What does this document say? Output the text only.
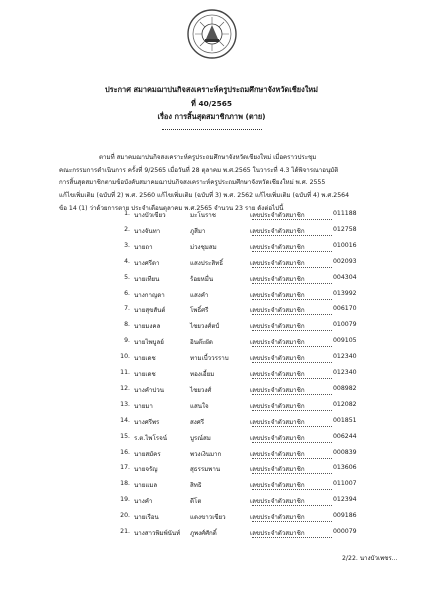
ประกาศ สมาคมฌาปนกิจสงเคราะห์ครูประถมศึกษาจังหวัดเชียงใหม่
ที่ 40/2565
เรื่อง การสิ้นสุดสมาชิกภาพ (ตาย)
ตามที่ สมาคมฌาปนกิจสงเคราะห์ครูประถมศึกษาจังหวัดเชียงใหม่ เมื่อคราวประชุม
คณะกรรมการดำเนินการ ครั้งที่ 9/2565 เมื่อวันที่ 28 ตุลาคม พ.ศ.2565 ในวาระที่ 4.3 ได้พิจารณาอนุมัติ
การสิ้นสุดสมาชิกตามข้อบังคับสมาคมฌาปนกิจสงเคราะห์ครูประถมศึกษาจังหวัดเชียงใหม่ พ.ศ. 2555
แก้ไขเพิ่มเติม (ฉบับที่ 2) พ.ศ. 2560 แก้ไขเพิ่มเติม (ฉบับที่ 3) พ.ศ. 2562 แก้ไขเพิ่มเติม (ฉบับที่ 4) พ.ศ.2564
ข้อ 14 (1) ว่าด้วยการตาย ประจำเดือนตุลาคม พ.ศ.2565 จำนวน 23 ราย ดังต่อไปนี้
1. นางบัวเขียว	มะโนราช	เลขประจำตัวสมาชิก	011188
2. นางจันทา	ภูสีมา	เลขประจำตัวสมาชิก	012758
3. นายถา	ม่วงชุมสม	เลขประจำตัวสมาชิก	010016
4. นางศรีดา	แสงประสิทธิ์	เลขประจำตัวสมาชิก	002093
5. นายเทียน	ร้อยหมื่น	เลขประจำตัวสมาชิก	004304
6. นางกาญดา	แสงคำ	เลขประจำตัวสมาชิก	013992
7. นายสุขสันต์	โพธิ์ศรี	เลขประจำตัวสมาชิก	006170
8. นายมงคล	ไชยวงศ์ตป์	เลขประจำตัวสมาชิก	010079
9. นายไพบูลย์	อินต๊ะผัด	เลขประจำตัวสมาชิก	009105
10. นายเดช	ทามเบี้ววรราบ	เลขประจำตัวสมาชิก	012340
11. นายเดช	ทองเอี้ยม	เลขประจำตัวสมาชิก	012340
12. นางคำปวน	ไชยวงศ์	เลขประจำตัวสมาชิก	008982
13. นายมา	แสนใจ	เลขประจำตัวสมาชิก	012082
14. นางศรีพร	สงศรี	เลขประจำตัวสมาชิก	001851
15. ร.ต.ไพโรจน์	บูรณ์สม	เลขประจำตัวสมาชิก	006244
16. นายสมัคร	พวงเงินมาก	เลขประจำตัวสมาชิก	000839
17. นายจรัญ	สุธรรมพาน	เลขประจำตัวสมาชิก	013606
18. นายแมล	สิทธิ	เลขประจำตัวสมาชิก	011007
19. นางคำ	ดีโต	เลขประจำตัวสมาชิก	012394
20. นายเรือน	แดงขาวเขียว	เลขประจำตัวสมาชิก	009186
21. นางสาวพิมพ์นันท์ ภูพงศ์ศักดิ์	เลขประจำตัวสมาชิก	000079
2/22. นางบัวเพชร...
